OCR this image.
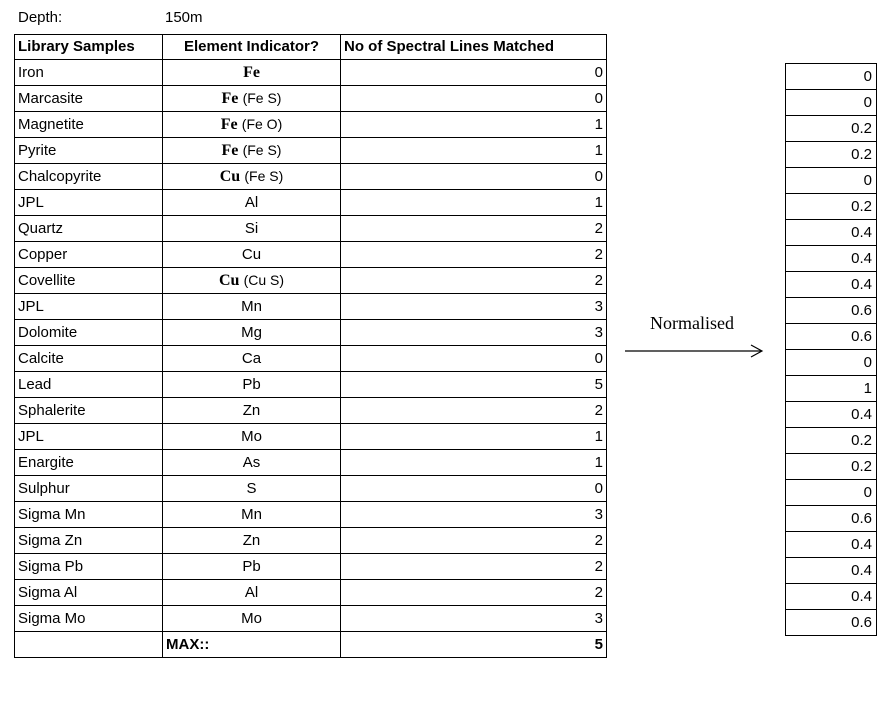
Depth:	150m
Library Samples	Element Indicator?	No of Spectral Lines Matched
Iron	Fe	0
Marcasite	Fe (Fe S)	0
Magnetite	Fe (Fe O)	1
Pyrite	Fe (Fe S)	1
Chalcopyrite	Cu (Fe S)	0
JPL	Al	1
Quartz	Si	2
Copper	Cu	2
Covellite	Cu (Cu S)	2
JPL	Mn	3
Dolomite	Mg	3
Calcite	Ca	0
Lead	Pb	5
Sphalerite	Zn	2
JPL	Mo	1
Enargite	As	1
Sulphur	S	0
Sigma Mn	Mn	3
Sigma Zn	Zn	2
Sigma Pb	Pb	2
Sigma Al	Al	2
Sigma Mo	Mo	3
	MAX::	5
Normalised
0
0
0.2
0.2
0
0.2
0.4
0.4
0.4
0.6
0.6
0
1
0.4
0.2
0.2
0
0.6
0.4
0.4
0.4
0.6
